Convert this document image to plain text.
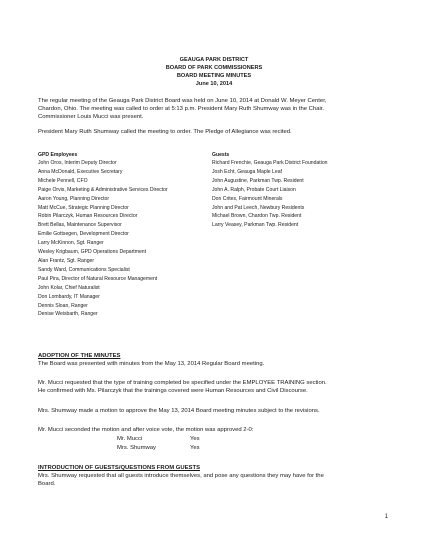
GEAUGA PARK DISTRICT
BOARD OF PARK COMMISSIONERS
BOARD MEETING MINUTES
June 10, 2014
The regular meeting of the Geauga Park District Board was held on June 10, 2014 at Donald W. Meyer Center,
Chardon, Ohio. The meeting was called to order at 5:13 p.m. President Mary Ruth Shumway was in the Chair.
Commissioner Louis Mucci was present.
President Mary Ruth Shumway called the meeting to order. The Pledge of Allegiance was recited.
GPD Employees
John Oros, Interim Deputy Director
Anna McDonald, Executive Secretary
Michele Pennell, CFO
Paige Orvis, Marketing & Administrative Services Director
Aaron Young, Planning Director
Matt McCue, Strategic Planning Director
Robin Pilarczyk, Human Resources Director
Brett Bellas, Maintenance Supervisor
Emilie Gottsegen, Development Director
Larry McKinnon, Sgt. Ranger
Wesley Krigbaum, GPD Operations Department
Alan Frantz, Sgt. Ranger
Sandy Ward, Communications Specialist
Paul Pira, Director of Natural Resource Management
John Kolar, Chief Naturalist
Don Lombardy, IT Manager
Dennis Sloan, Ranger
Denise Weisbarth, Ranger
Guests
Richard Frenchie, Geauga Park District Foundation
Josh Echt, Geauga Maple Leaf
John Augustine, Parkman Twp. Resident
John A. Ralph, Probate Court Liaison
Don Crites, Fairmount Minerals
John and Pat Leech, Newbury Residents
Michael Brown, Chardon Twp. Resident
Larry Veasey, Parkman Twp. Resident
ADOPTION OF THE MINUTES
The Board was presented with minutes from the May 13, 2014 Regular Board meeting.
Mr. Mucci requested that the type of training completed be specified under the EMPLOYEE TRAINING section.
He confirmed with Ms. Pilarczyk that the trainings covered were Human Resources and Civil Discourse.
Mrs. Shumway made a motion to approve the May 13, 2014 Board meeting minutes subject to the revisions.
Mr. Mucci seconded the motion and after voice vote, the motion was approved 2-0:
Mr. Mucci	Yes
Mrs. Shumway	Yes
INTRODUCTION OF GUESTS/QUESTIONS FROM GUESTS
Mrs. Shumway requested that all guests introduce themselves, and pose any questions they may have for the
Board.
1
